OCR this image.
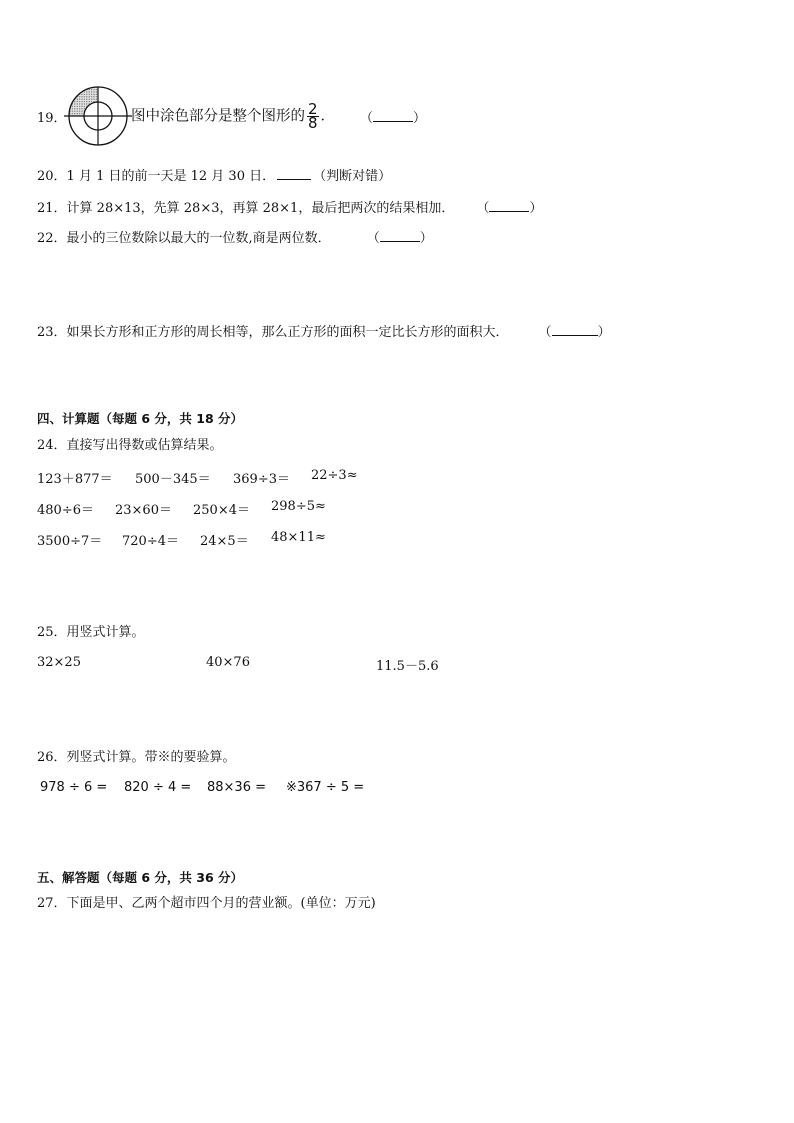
19．	图中涂色部分是整个图形的 $\frac{2}{8}$ ． （	）
20．1 月 1 日的前一天是 12 月 30 日．	（判断对错）
21．计算 28×13，先算 28×3，再算 28×1，最后把两次的结果相加． （	）
22．最小的三位数除以最大的一位数,商是两位数．	（	）
23．如果长方形和正方形的周长相等，那么正方形的面积一定比长方形的面积大． （	）
四、计算题（每题 6 分，共 18 分）
24．直接写出得数或估算结果。
123＋877＝ 500－345＝ 369÷3＝ 22÷3≈
480÷6＝ 23×60＝ 250×4＝ 298÷5≈
3500÷7＝ 720÷4＝ 24×5＝ 48×11≈
25．用竖式计算。
32×25	40×76	11.5－5.6
26．列竖式计算。带※的要验算。
978 ÷ 6 = 820 ÷ 4 = 88×36 = ※367 ÷ 5 =
五、解答题（每题 6 分，共 36 分）
27．下面是甲、乙两个超市四个月的营业额。(单位：万元)
